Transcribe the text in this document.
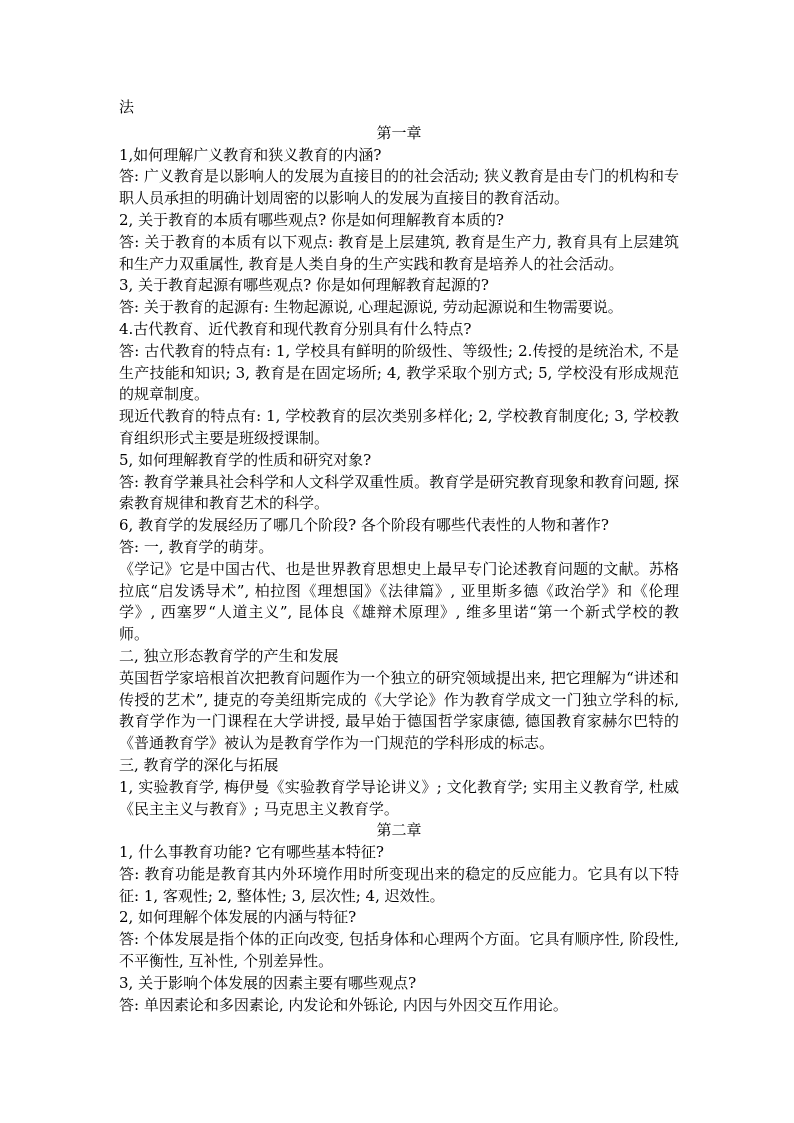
法

第一章

1,如何理解广义教育和狭义教育的内涵?

答: 广义教育是以影响人的发展为直接目的的社会活动; 狭义教育是由专门的机构和专职人员承担的明确计划周密的以影响人的发展为直接目的教育活动。

2, 关于教育的本质有哪些观点? 你是如何理解教育本质的?

答: 关于教育的本质有以下观点: 教育是上层建筑, 教育是生产力, 教育具有上层建筑和生产力双重属性, 教育是人类自身的生产实践和教育是培养人的社会活动。

3, 关于教育起源有哪些观点? 你是如何理解教育起源的?

答: 关于教育的起源有: 生物起源说, 心理起源说, 劳动起源说和生物需要说。

4.古代教育、近代教育和现代教育分别具有什么特点?

答: 古代教育的特点有: 1, 学校具有鲜明的阶级性、等级性; 2.传授的是统治术, 不是生产技能和知识; 3, 教育是在固定场所; 4, 教学采取个别方式; 5, 学校没有形成规范的规章制度。

现近代教育的特点有: 1, 学校教育的层次类别多样化; 2, 学校教育制度化; 3, 学校教育组织形式主要是班级授课制。

5, 如何理解教育学的性质和研究对象?

答: 教育学兼具社会科学和人文科学双重性质。教育学是研究教育现象和教育问题, 探索教育规律和教育艺术的科学。

6, 教育学的发展经历了哪几个阶段? 各个阶段有哪些代表性的人物和著作?

答: 一, 教育学的萌芽。

《学记》它是中国古代、也是世界教育思想史上最早专门论述教育问题的文献。苏格拉底“启发诱导术”, 柏拉图《理想国》《法律篇》, 亚里斯多德《政治学》和《伦理学》, 西塞罗“人道主义”, 昆体良《雄辩术原理》, 维多里诺“第一个新式学校的教师。

二, 独立形态教育学的产生和发展

英国哲学家培根首次把教育问题作为一个独立的研究领域提出来, 把它理解为“讲述和传授的艺术”, 捷克的夸美纽斯完成的《大学论》作为教育学成文一门独立学科的标, 教育学作为一门课程在大学讲授, 最早始于德国哲学家康德, 德国教育家赫尔巴特的《普通教育学》被认为是教育学作为一门规范的学科形成的标志。

三, 教育学的深化与拓展

1, 实验教育学, 梅伊曼《实验教育学导论讲义》; 文化教育学; 实用主义教育学, 杜威《民主主义与教育》; 马克思主义教育学。

第二章

1, 什么事教育功能? 它有哪些基本特征?

答: 教育功能是教育其内外环境作用时所变现出来的稳定的反应能力。它具有以下特征: 1, 客观性; 2, 整体性; 3, 层次性; 4, 迟效性。

2, 如何理解个体发展的内涵与特征?

答: 个体发展是指个体的正向改变, 包括身体和心理两个方面。它具有顺序性, 阶段性, 不平衡性, 互补性, 个别差异性。

3, 关于影响个体发展的因素主要有哪些观点?

答: 单因素论和多因素论, 内发论和外铄论, 内因与外因交互作用论。
